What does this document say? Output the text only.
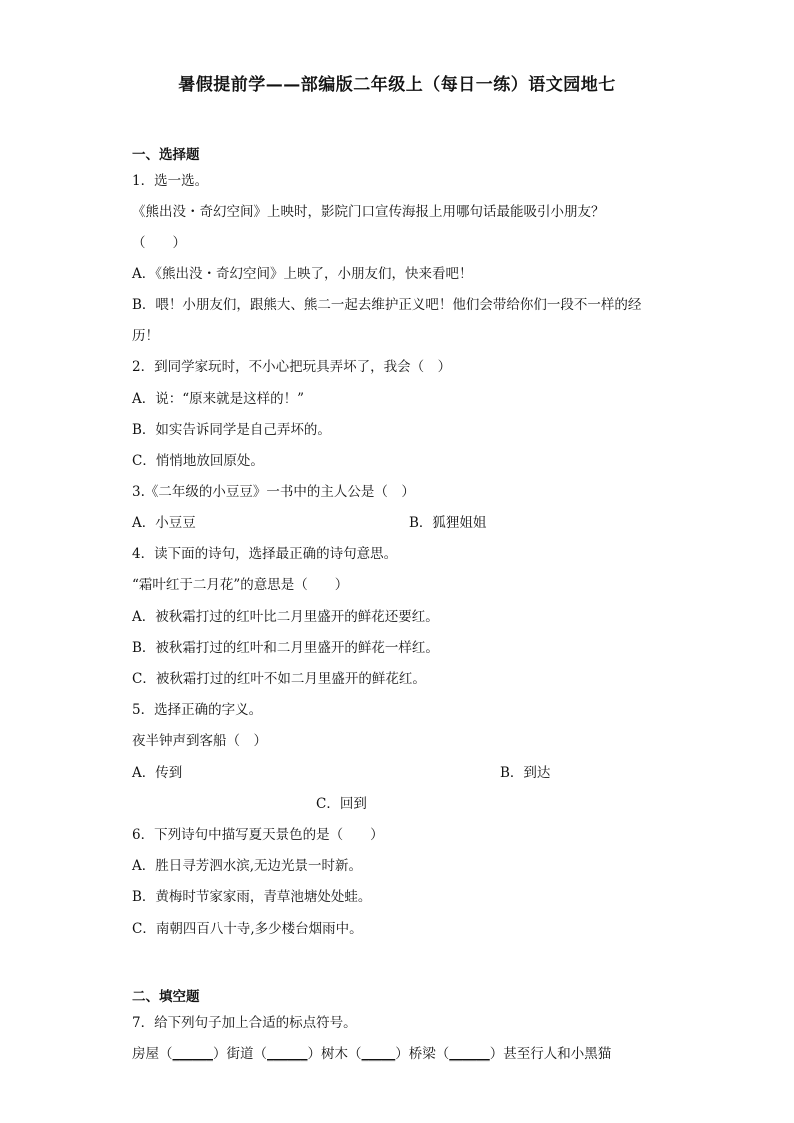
暑假提前学——部编版二年级上（每日一练）语文园地七
一、选择题
1．选一选。
《熊出没・奇幻空间》上映时，影院门口宣传海报上用哪句话最能吸引小朋友？
（　　）
A．《熊出没・奇幻空间》上映了，小朋友们，快来看吧！
B．喂！小朋友们，跟熊大、熊二一起去维护正义吧！他们会带给你们一段不一样的经
历！
2．到同学家玩时，不小心把玩具弄坏了，我会（　）
A．说：“原来就是这样的！”
B．如实告诉同学是自己弄坏的。
C．悄悄地放回原处。
3.《二年级的小豆豆》一书中的主人公是（　）
A．小豆豆	B．狐狸姐姐
4．读下面的诗句，选择最正确的诗句意思。
“霜叶红于二月花”的意思是（　　）
A．被秋霜打过的红叶比二月里盛开的鲜花还要红。
B．被秋霜打过的红叶和二月里盛开的鲜花一样红。
C．被秋霜打过的红叶不如二月里盛开的鲜花红。
5．选择正确的字义。
夜半钟声到客船（　）
A．传到	B．到达
C．回到
6．下列诗句中描写夏天景色的是（　　）
A．胜日寻芳泗水滨,无边光景一时新。
B．黄梅时节家家雨，青草池塘处处蛙。
C．南朝四百八十寺,多少楼台烟雨中。
二、填空题
7．给下列句子加上合适的标点符号。
房屋（______）街道（______）树木（_____）桥梁（______）甚至行人和小黑猫
